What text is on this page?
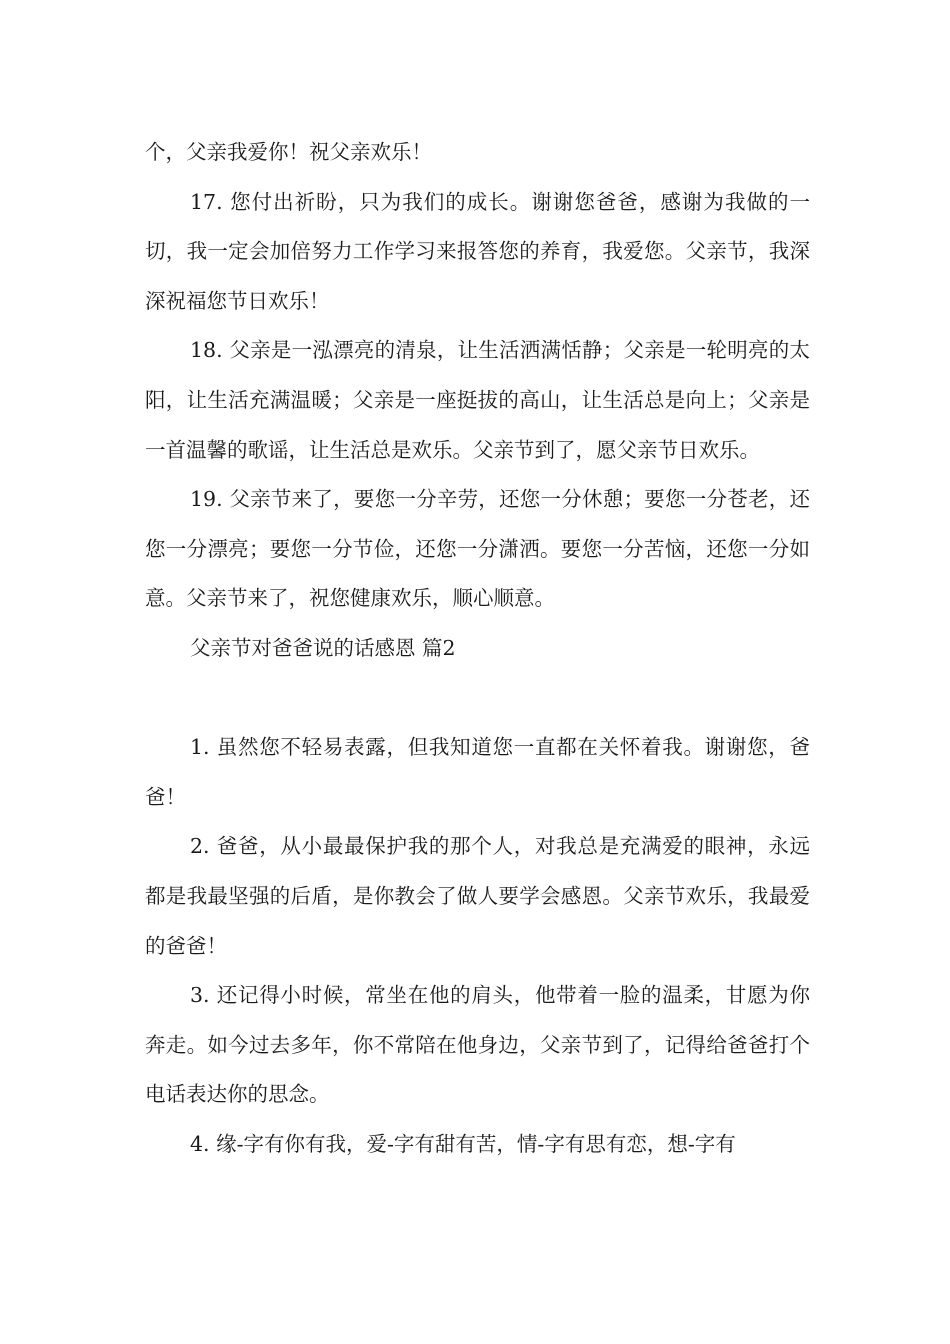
个，父亲我爱你！祝父亲欢乐！

17. 您付出祈盼，只为我们的成长。谢谢您爸爸，感谢为我做的一切，我一定会加倍努力工作学习来报答您的养育，我爱您。父亲节，我深深祝福您节日欢乐！

18. 父亲是一泓漂亮的清泉，让生活洒满恬静；父亲是一轮明亮的太阳，让生活充满温暖；父亲是一座挺拔的高山，让生活总是向上；父亲是一首温馨的歌谣，让生活总是欢乐。父亲节到了，愿父亲节日欢乐。

19. 父亲节来了，要您一分辛劳，还您一分休憩；要您一分苍老，还您一分漂亮；要您一分节俭，还您一分潇洒。要您一分苦恼，还您一分如意。父亲节来了，祝您健康欢乐，顺心顺意。

父亲节对爸爸说的话感恩 篇2

1. 虽然您不轻易表露，但我知道您一直都在关怀着我。谢谢您，爸爸！

2. 爸爸，从小最最保护我的那个人，对我总是充满爱的眼神，永远都是我最坚强的后盾，是你教会了做人要学会感恩。父亲节欢乐，我最爱的爸爸！

3. 还记得小时候，常坐在他的肩头，他带着一脸的温柔，甘愿为你奔走。如今过去多年，你不常陪在他身边，父亲节到了，记得给爸爸打个电话表达你的思念。

4. 缘-字有你有我，爱-字有甜有苦，情-字有思有恋，想-字有
